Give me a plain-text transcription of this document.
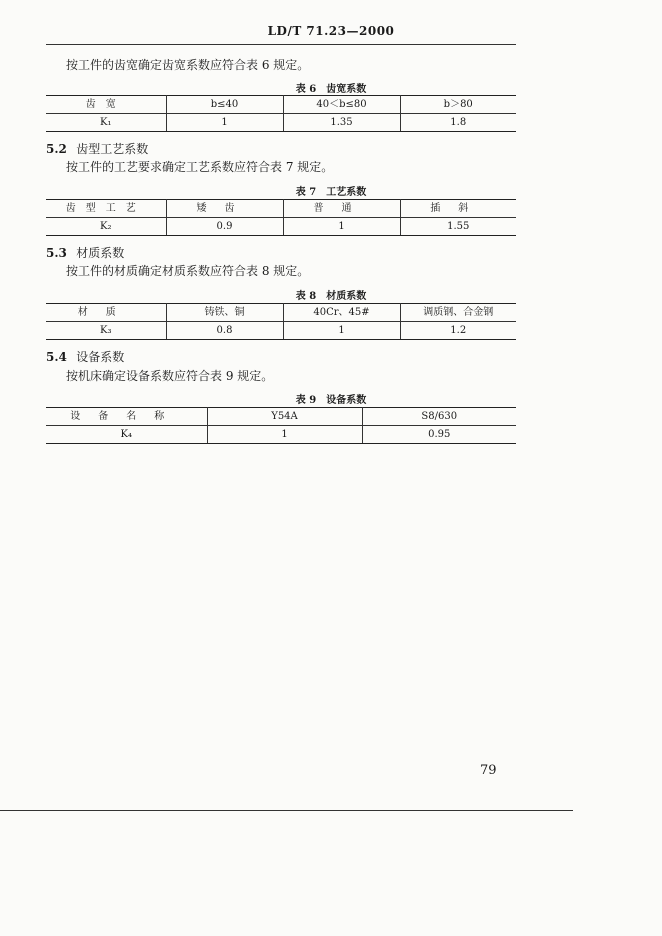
LD/T 71.23—2000
按工件的齿宽确定齿宽系数应符合表 6 规定。
表 6　齿宽系数
齿宽	b≤40	40＜b≤80	b＞80
K₁	1	1.35	1.8
5.2 齿型工艺系数
按工件的工艺要求确定工艺系数应符合表 7 规定。
表 7　工艺系数
齿型工艺	矮齿	普通	插斜
K₂	0.9	1	1.55
5.3 材质系数
按工件的材质确定材质系数应符合表 8 规定。
表 8　材质系数
材质	铸铁、铜	40Cr、45#	调质钢、合金钢
K₃	0.8	1	1.2
5.4 设备系数
按机床确定设备系数应符合表 9 规定。
表 9　设备系数
设备名称	Y54A	S8/630
K₄	1	0.95
79
